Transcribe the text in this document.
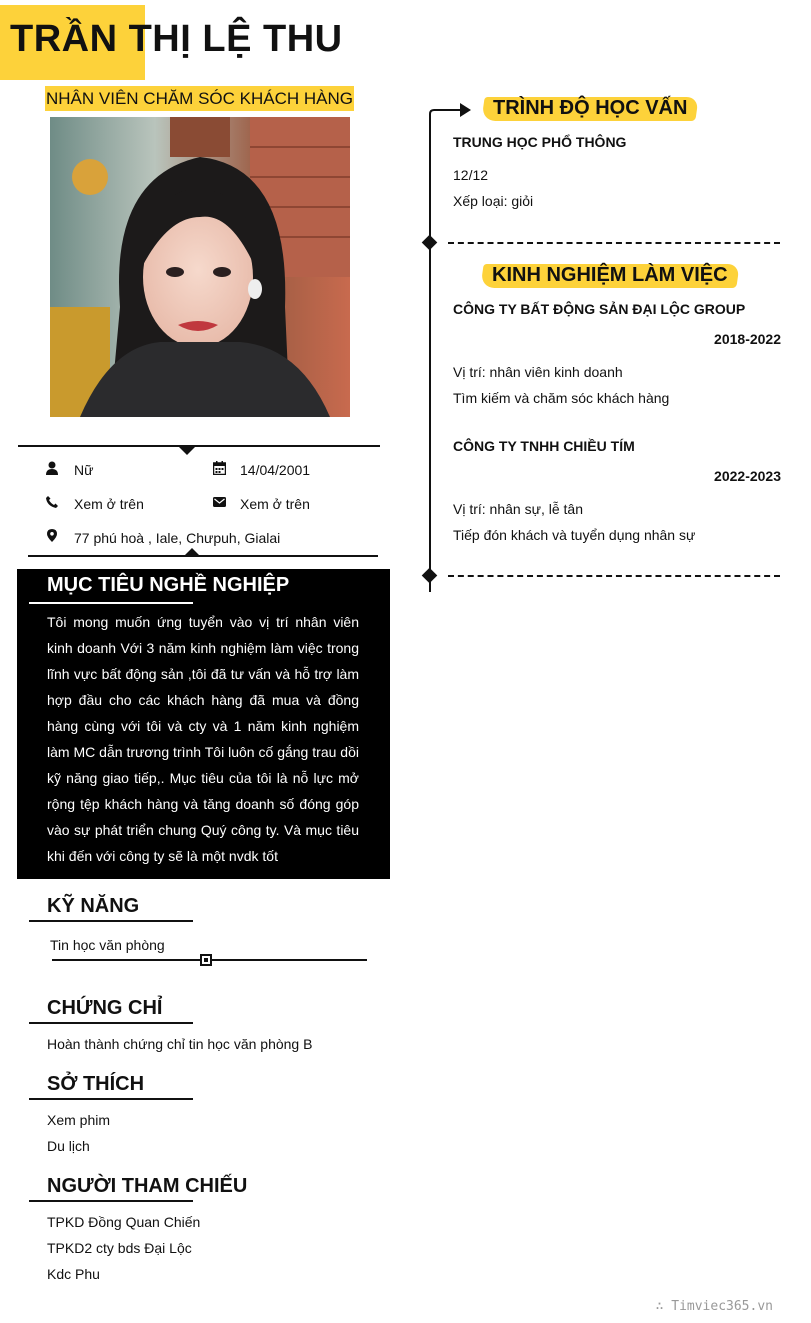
TRẦN THỊ LỆ THU
NHÂN VIÊN CHĂM SÓC KHÁCH HÀNG
Nữ	14/04/2001
Xem ở trên	Xem ở trên
77 phú hoà , Iale, Chưpuh, Gialai
MỤC TIÊU NGHỀ NGHIỆP
Tôi mong muốn ứng tuyển vào vị trí nhân viên kinh doanh Với 3 năm kinh nghiệm làm việc trong lĩnh vực bất động sản ,tôi đã tư vấn và hỗ trợ làm hợp đầu cho các khách hàng đã mua và đồng hàng cùng với tôi và cty và 1 năm kinh nghiệm làm MC dẫn trương trình Tôi luôn cố gắng trau dồi kỹ năng giao tiếp,. Mục tiêu của tôi là nỗ lực mở rộng tệp khách hàng và tăng doanh số đóng góp vào sự phát triển chung Quý công ty. Và mục tiêu khi đến với công ty sẽ là một nvdk tốt
KỸ NĂNG
Tin học văn phòng
CHỨNG CHỈ
Hoàn thành chứng chỉ tin học văn phòng B
SỞ THÍCH
Xem phim
Du lịch
NGƯỜI THAM CHIẾU
TPKD Đồng Quan Chiến
TPKD2 cty bds Đại Lộc
Kdc Phu
TRÌNH ĐỘ HỌC VẤN
TRUNG HỌC PHỔ THÔNG
12/12
Xếp loại: giỏi
KINH NGHIỆM LÀM VIỆC
CÔNG TY BẤT ĐỘNG SẢN ĐẠI LỘC GROUP
2018-2022
Vị trí: nhân viên kinh doanh
Tìm kiếm và chăm sóc khách hàng
CÔNG TY TNHH CHIỀU TÍM
2022-2023
Vị trí: nhân sự, lễ tân
Tiếp đón khách và tuyển dụng nhân sự
∴ Timviec365.vn
